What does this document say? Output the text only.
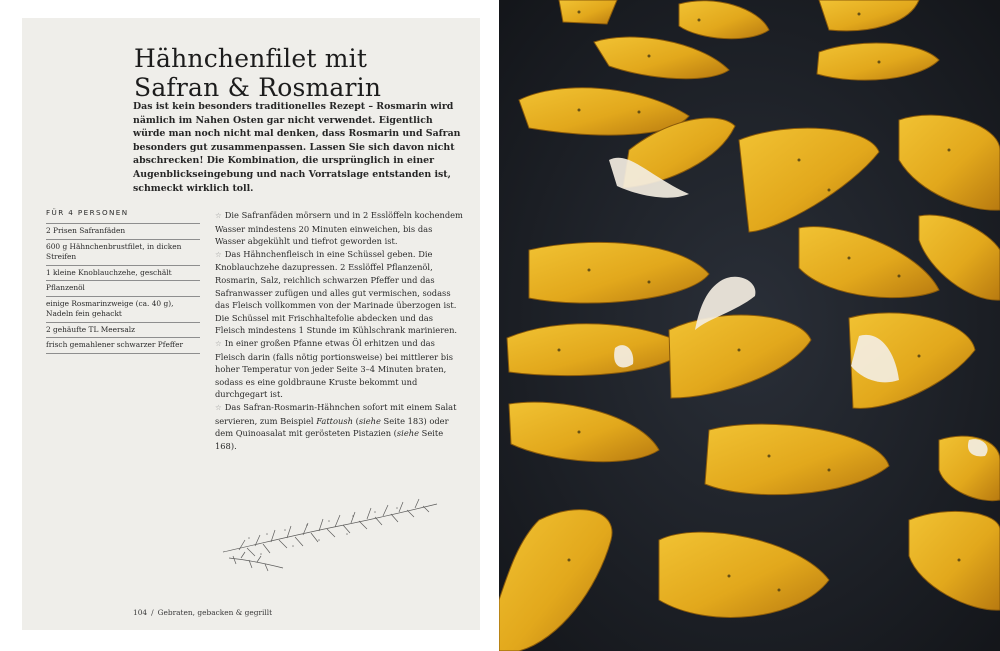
Hähnchenfilet mit
Safran & Rosmarin

Das ist kein besonders traditionelles Rezept – Rosmarin wird nämlich im Nahen Osten gar nicht verwendet. Eigentlich würde man noch nicht mal denken, dass Rosmarin und Safran besonders gut zusammenpassen. Lassen Sie sich davon nicht abschrecken! Die Kombination, die ursprünglich in einer Augenblickseingebung und nach Vorratslage entstanden ist, schmeckt wirklich toll.

FÜR 4 PERSONEN
2 Prisen Safranfäden
600 g Hähnchenbrustfilet, in dicken Streifen
1 kleine Knoblauchzehe, geschält
Pflanzenöl
einige Rosmarinzweige (ca. 40 g), Nadeln fein gehackt
2 gehäufte TL Meersalz
frisch gemahlener schwarzer Pfeffer

☆ Die Safranfäden mörsern und in 2 Esslöffeln kochendem Wasser mindestens 20 Minuten einweichen, bis das Wasser abgekühlt und tiefrot geworden ist.

☆ Das Hähnchenfleisch in eine Schüssel geben. Die Knoblauchzehe dazupressen. 2 Esslöffel Pflanzenöl, Rosmarin, Salz, reichlich schwarzen Pfeffer und das Safranwasser zufügen und alles gut vermischen, sodass das Fleisch vollkommen von der Marinade überzogen ist. Die Schüssel mit Frischhaltefolie abdecken und das Fleisch mindestens 1 Stunde im Kühlschrank marinieren.

☆ In einer großen Pfanne etwas Öl erhitzen und das Fleisch darin (falls nötig portionsweise) bei mittlerer bis hoher Temperatur von jeder Seite 3–4 Minuten braten, sodass es eine goldbraune Kruste bekommt und durchgegart ist.

☆ Das Safran-Rosmarin-Hähnchen sofort mit einem Salat servieren, zum Beispiel Fattoush (siehe Seite 183) oder dem Quinoasalat mit gerösteten Pistazien (siehe Seite 168).

104 / Gebraten, gebacken & gegrillt
